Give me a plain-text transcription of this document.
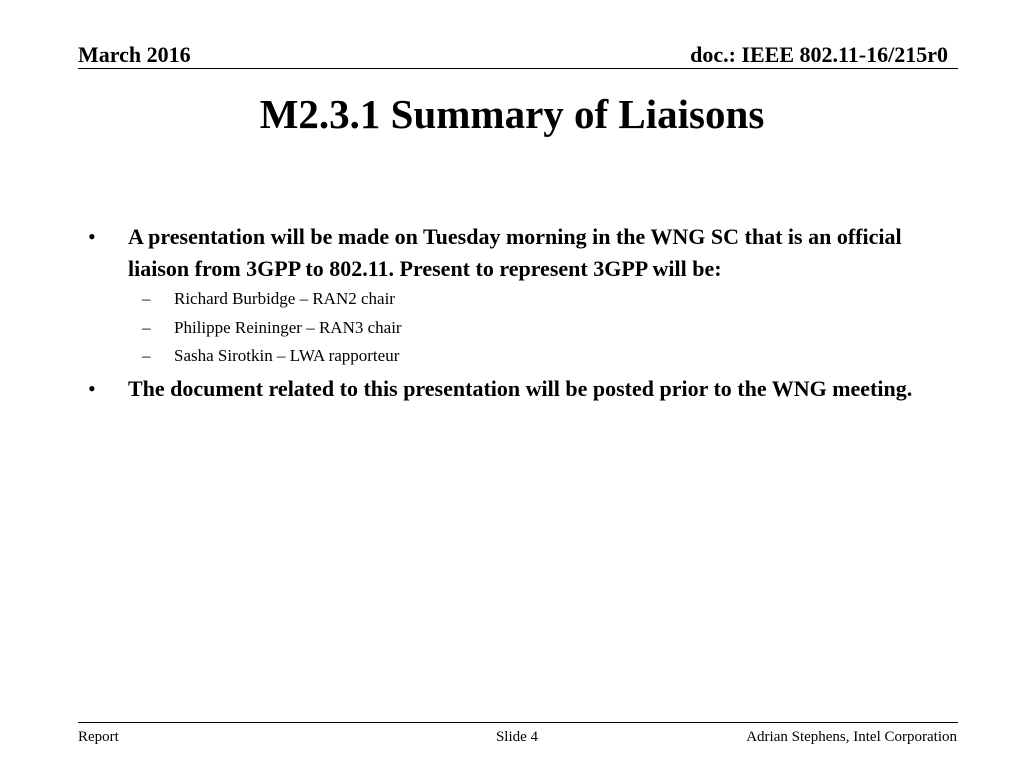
March 2016	doc.: IEEE 802.11-16/215r0
M2.3.1 Summary of Liaisons
• A presentation will be made on Tuesday morning in the WNG SC that is an official liaison from 3GPP to 802.11. Present to represent 3GPP will be:
– Richard Burbidge – RAN2 chair
– Philippe Reininger – RAN3 chair
– Sasha Sirotkin – LWA rapporteur
• The document related to this presentation will be posted prior to the WNG meeting.
Report	Slide 4	Adrian Stephens, Intel Corporation
